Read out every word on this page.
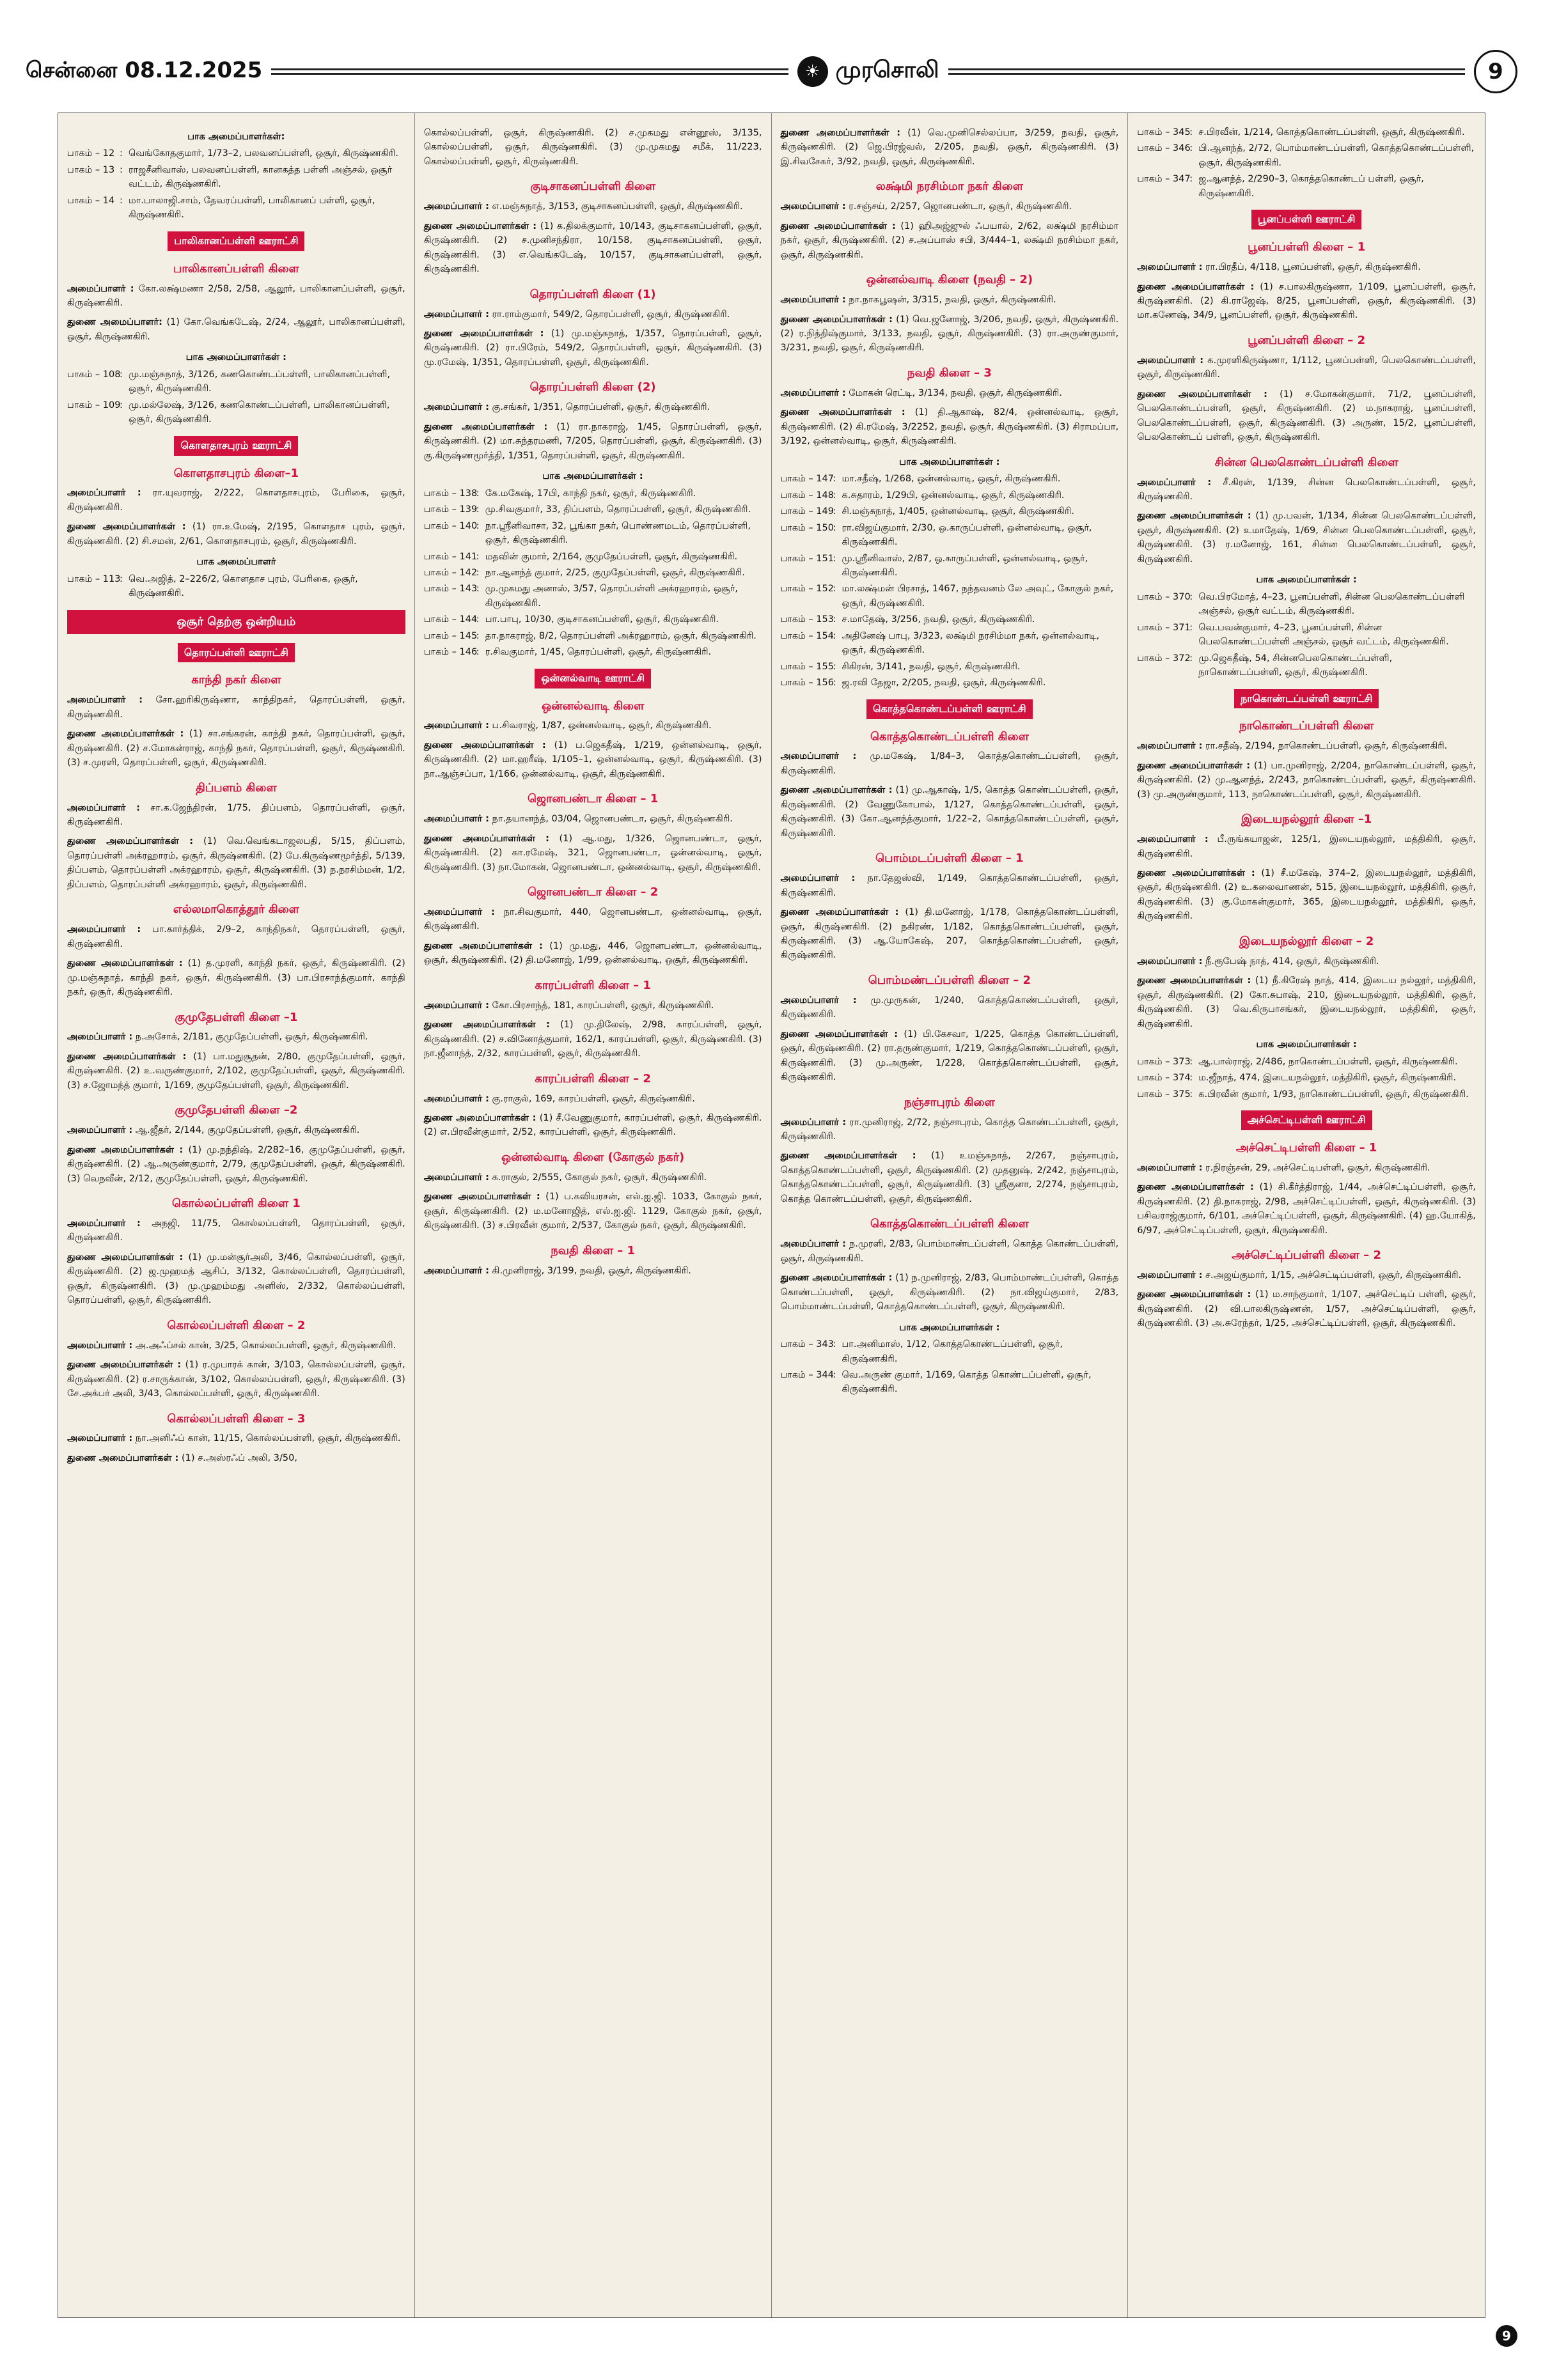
சென்னை 08.12.2025	☀ முரசொலி	9
பாக அமைப்பாளர்கள்:
பாகம் – 12 : வெங்கோதகுமார், 1/73–2, பலவனப்பள்ளி, ஒசூர், கிருஷ்ணகிரி.
பாகம் – 13 : ராஜசீனிவாஸ், பலவனப்பள்ளி, கானகத்த பள்ளி அஞ்சல், ஒசூர் வட்டம், கிருஷ்ணகிரி.
பாகம் – 14 : மா.பாலாஜி.சாம், தேவரப்பள்ளி, பாலிகானப் பள்ளி, ஒசூர், கிருஷ்ணகிரி.
பாலிகானப்பள்ளி ஊராட்சி
பாலிகானப்பள்ளி கிளை
அமைப்பாளர் : கோ.லக்ஷ்மணா 2/58, 2/58, ஆலூர், பாலிகானப்பள்ளி, ஒசூர், கிருஷ்ணகிரி.
துணை அமைப்பாளர்: (1) கோ.வெங்கடேஷ், 2/24, ஆலூர், பாலிகானப்பள்ளி, ஒசூர், கிருஷ்ணகிரி.
பாக அமைப்பாளர்கள் :
பாகம் – 108
: மு.மஞ்சுநாத், 3/126, கணகொண்டப்பள்ளி, பாலிகானப்பள்ளி, ஒசூர், கிருஷ்ணகிரி.
பாகம் – 109
: மு.மல்லேஷ், 3/126, கணகொண்டப்பள்ளி, பாலிகானப்பள்ளி, ஒசூர், கிருஷ்ணகிரி.
கொளதாசபுரம் ஊராட்சி
கொளதாசபுரம் கிளை–1
அமைப்பாளர் : ரா.யுவராஜ், 2/222, கொளதாசபுரம், பேரிகை, ஒசூர், கிருஷ்ணகிரி.
துணை அமைப்பாளர்கள் : (1) ரா.உமேஷ், 2/195, கொளதாச புரம், ஒசூர், கிருஷ்ணகிரி. (2) சி.சமன், 2/61, கொளதாசபுரம், ஒசூர், கிருஷ்ணகிரி.
பாக அமைப்பாளர்
பாகம் – 113
: வெ.அஜித், 2–226/2, கொளதாச புரம், பேரிகை, ஒசூர், கிருஷ்ணகிரி.
ஒசூர் தெற்கு ஒன்றியம்
தொரப்பள்ளி ஊராட்சி
காந்தி நகர் கிளை
அமைப்பாளர் : சோ.ஹரிகிருஷ்ணா, காந்திநகர், தொரப்பள்ளி, ஒசூர், கிருஷ்ணகிரி.
துணை அமைப்பாளர்கள் : (1) சா.சங்கரன், காந்தி நகர், தொரப்பள்ளி, ஒசூர், கிருஷ்ணகிரி. (2) ச.மோகன்ராஜ், காந்தி நகர், தொரப்பள்ளி, ஒசூர், கிருஷ்ணகிரி. (3) ச.முரளி, தொரப்பள்ளி, ஒசூர், கிருஷ்ணகிரி.
திப்பளம் கிளை
அமைப்பாளர் : சா.க.ஜேந்திரன், 1/75, திப்பளம், தொரப்பள்ளி, ஒசூர், கிருஷ்ணகிரி.
துணை அமைப்பாளர்கள் : (1) வெ.வெங்கடாஜலபதி, 5/15, திப்பளம், தொரப்பள்ளி அக்ரஹாரம், ஒசூர், கிருஷ்ணகிரி. (2) பே.கிருஷ்ணமூர்த்தி, 5/139, திப்பளம், தொரப்பள்ளி அக்ரஹாரம், ஒசூர், கிருஷ்ணகிரி. (3) ந.நரசிம்மன், 1/2, திப்பளம், தொரப்பள்ளி அக்ரஹாரம், ஒசூர், கிருஷ்ணகிரி.
எல்லமாகொத்தூர் கிளை
அமைப்பாளர் : பா.கார்த்திக், 2/9–2, காந்திநகர், தொரப்பள்ளி, ஒசூர், கிருஷ்ணகிரி.
துணை அமைப்பாளர்கள் : (1) த.முரளி, காந்தி நகர், ஒசூர், கிருஷ்ணகிரி. (2) மு.மஞ்சுநாத், காந்தி நகர், ஒசூர், கிருஷ்ணகிரி. (3) பா.பிரசாந்த்குமார், காந்தி நகர், ஒசூர், கிருஷ்ணகிரி.
குமுதேபள்ளி கிளை –1
அமைப்பாளர் : ந.அசோக், 2/181, குமுதேப்பள்ளி, ஒசூர், கிருஷ்ணகிரி.
துணை அமைப்பாளர்கள் : (1) பா.மதுசூதன், 2/80, குமுதேப்பள்ளி, ஒசூர், கிருஷ்ணகிரி. (2) உ.வருண்குமார், 2/102, குமுதேப்பள்ளி, ஒசூர், கிருஷ்ணகிரி. (3) ச.ஜோமந்த் குமார், 1/169, குமுதேப்பள்ளி, ஒசூர், கிருஷ்ணகிரி.
குமுதேபள்ளி கிளை –2
அமைப்பாளர் : ஆ.ஜீதர், 2/144, குமுதேப்பள்ளி, ஒசூர், கிருஷ்ணகிரி.
துணை அமைப்பாளர்கள் : (1) மு.நந்திஷ், 2/282–16, குமுதேப்பள்ளி, ஒசூர், கிருஷ்ணகிரி. (2) ஆ.அருண்குமார், 2/79, குமுதேப்பள்ளி, ஒசூர், கிருஷ்ணகிரி. (3) வெநவீன், 2/12, குமுதேப்பள்ளி, ஒசூர், கிருஷ்ணகிரி.
கொல்லப்பள்ளி கிளை 1
அமைப்பாளர் : அநஜி, 11/75, கொல்லப்பள்ளி, தொரப்பள்ளி, ஒசூர், கிருஷ்ணகிரி.
துணை அமைப்பாளர்கள் : (1) மு.மன்சூர்அலி, 3/46, கொல்லப்பள்ளி, ஒசூர், கிருஷ்ணகிரி. (2) ஜ.முஹமத் ஆசிப், 3/132, கொல்லப்பள்ளி, தொரப்பள்ளி, ஒசூர், கிருஷ்ணகிரி. (3) மு.முஹம்மது அனிஸ், 2/332, கொல்லப்பள்ளி, தொரப்பள்ளி, ஒசூர், கிருஷ்ணகிரி.
கொல்லப்பள்ளி கிளை – 2
அமைப்பாளர் : அ.அஃப்சல் கான், 3/25, கொல்லப்பள்ளி, ஒசூர், கிருஷ்ணகிரி.
துணை அமைப்பாளர்கள் : (1) ர.முபாரக் கான், 3/103, கொல்லப்பள்ளி, ஒசூர், கிருஷ்ணகிரி. (2) ர.சாருக்கான், 3/102, கொல்லப்பள்ளி, ஒசூர், கிருஷ்ணகிரி. (3) சே.அக்பர் அலி, 3/43, கொல்லப்பள்ளி, ஒசூர், கிருஷ்ணகிரி.
கொல்லப்பள்ளி கிளை – 3
அமைப்பாளர் : நா.அனிஃப் கான், 11/15, கொல்லப்பள்ளி, ஒசூர், கிருஷ்ணகிரி.
துணை அமைப்பாளர்கள் : (1) ச.அஸ்ரஃப் அலி, 3/50,
கொல்லப்பள்ளி, ஒசூர், கிருஷ்ணகிரி. (2) ச.முகமது என்னூஸ், 3/135, கொல்லப்பள்ளி, ஒசூர், கிருஷ்ணகிரி. (3) மு.முகமது சமீக், 11/223, கொல்லப்பள்ளி, ஒசூர், கிருஷ்ணகிரி.
குடிசாகனப்பள்ளி கிளை
அமைப்பாளர் : எ.மஞ்சுநாத், 3/153, குடிசாகனப்பள்ளி, ஒசூர், கிருஷ்ணகிரி.
துணை அமைப்பாளர்கள் : (1) க.திலக்குமார், 10/143, குடிசாகனப்பள்ளி, ஒசூர், கிருஷ்ணகிரி. (2) ச.முனிசந்திரா, 10/158, குடிசாகனப்பள்ளி, ஒசூர், கிருஷ்ணகிரி. (3) எ.வெங்கடேஷ், 10/157, குடிசாகனப்பள்ளி, ஒசூர், கிருஷ்ணகிரி.
தொரப்பள்ளி கிளை (1)
அமைப்பாளர் : ரா.ராம்குமார், 549/2, தொரப்பள்ளி, ஒசூர், கிருஷ்ணகிரி.
துணை அமைப்பாளர்கள் : (1) மு.மஞ்சுநாத், 1/357, தொரப்பள்ளி, ஒசூர், கிருஷ்ணகிரி. (2) ரா.பிரேம், 549/2, தொரப்பள்ளி, ஒசூர், கிருஷ்ணகிரி. (3) மு.ரமேஷ், 1/351, தொரப்பள்ளி, ஒசூர், கிருஷ்ணகிரி.
தொரப்பள்ளி கிளை (2)
அமைப்பாளர் : கு.சங்கர், 1/351, தொரப்பள்ளி, ஒசூர், கிருஷ்ணகிரி.
துணை அமைப்பாளர்கள் : (1) ரா.நாகராஜ், 1/45, தொரப்பள்ளி, ஒசூர், கிருஷ்ணகிரி. (2) மா.சுந்தரமணி, 7/205, தொரப்பள்ளி, ஒசூர், கிருஷ்ணகிரி. (3) கு.கிருஷ்ணமூர்த்தி, 1/351, தொரப்பள்ளி, ஒசூர், கிருஷ்ணகிரி.
பாக அமைப்பாளர்கள் :
பாகம் – 138
: கே.மகேஷ், 17பி, காந்தி நகர், ஒசூர், கிருஷ்ணகிரி.
பாகம் – 139
: மு.சிவகுமார், 33, திப்பளம், தொரப்பள்ளி, ஒசூர், கிருஷ்ணகிரி.
பாகம் – 140
: நா.ஸ்ரீனிவாசா, 32, பூங்கா நகர், பொண்ணமடம், தொரப்பள்ளி, ஒசூர், கிருஷ்ணகிரி.
பாகம் – 141
: மதவின் குமார், 2/164, குமுதேப்பள்ளி, ஒசூர், கிருஷ்ணகிரி.
பாகம் – 142
: நா.ஆனந்த் குமார், 2/25, குமுதேப்பள்ளி, ஒசூர், கிருஷ்ணகிரி.
பாகம் – 143
: மு.முகமது அனாஸ், 3/57, தொரப்பள்ளி அக்ரஹாரம், ஒசூர், கிருஷ்ணகிரி.
பாகம் – 144
: பா.பாபு, 10/30, குடிசாகனப்பள்ளி, ஒசூர், கிருஷ்ணகிரி.
பாகம் – 145
: தா.நாகராஜ், 8/2, தொரப்பள்ளி அக்ரஹாரம், ஒசூர், கிருஷ்ணகிரி.
பாகம் – 146
: ர.சிவகுமார், 1/45, தொரப்பள்ளி, ஒசூர், கிருஷ்ணகிரி.
ஒன்னல்வாடி ஊராட்சி
ஒன்னல்வாடி கிளை
அமைப்பாளர் : ப.சிவராஜ், 1/87, ஒன்னல்வாடி, ஒசூர், கிருஷ்ணகிரி.
துணை அமைப்பாளர்கள் : (1) ப.ஜெகதீஷ், 1/219, ஒன்னல்வாடி, ஒசூர், கிருஷ்ணகிரி. (2) மா.ஹரீஷ், 1/105–1, ஒன்னல்வாடி, ஒசூர், கிருஷ்ணகிரி. (3) நா.ஆஞ்சப்பா, 1/166, ஒன்னல்வாடி, ஒசூர், கிருஷ்ணகிரி.
ஜொனபண்டா கிளை – 1
அமைப்பாளர் : நா.தயானந்த், 03/04, ஜொனபண்டா, ஒசூர், கிருஷ்ணகிரி.
துணை அமைப்பாளர்கள் : (1) ஆ.மது, 1/326, ஜொனபண்டா, ஒசூர், கிருஷ்ணகிரி. (2) கா.ரமேஷ், 321, ஜொனபண்டா, ஒன்னல்வாடி, ஒசூர், கிருஷ்ணகிரி. (3) நா.மோகன், ஜொனபண்டா, ஒன்னல்வாடி, ஒசூர், கிருஷ்ணகிரி.
ஜொனபண்டா கிளை – 2
அமைப்பாளர் : நா.சிவகுமார், 440, ஜொனபண்டா, ஒன்னல்வாடி, ஒசூர், கிருஷ்ணகிரி.
துணை அமைப்பாளர்கள் : (1) மு.மது, 446, ஜொனபண்டா, ஒன்னல்வாடி, ஒசூர், கிருஷ்ணகிரி. (2) தி.மனோஜ், 1/99, ஒன்னல்வாடி, ஒசூர், கிருஷ்ணகிரி.
காரப்பள்ளி கிளை – 1
அமைப்பாளர் : கோ.பிரசாந்த், 181, காரப்பள்ளி, ஒசூர், கிருஷ்ணகிரி.
துணை அமைப்பாளர்கள் : (1) மு.திலேஷ், 2/98, காரப்பள்ளி, ஒசூர், கிருஷ்ணகிரி. (2) ச.வினோத்குமார், 162/1, காரப்பள்ளி, ஒசூர், கிருஷ்ணகிரி. (3) நா.ஜீனாந்த், 2/32, காரப்பள்ளி, ஒசூர், கிருஷ்ணகிரி.
காரப்பள்ளி கிளை – 2
அமைப்பாளர் : கு.ராகுல், 169, காரப்பள்ளி, ஒசூர், கிருஷ்ணகிரி.
துணை அமைப்பாளர்கள் : (1) சீ.வேணுகுமார், காரப்பள்ளி, ஒசூர், கிருஷ்ணகிரி. (2) எ.பிரவீன்குமார், 2/52, காரப்பள்ளி, ஒசூர், கிருஷ்ணகிரி.
ஒன்னல்வாடி கிளை (கோகுல் நகர்)
அமைப்பாளர் : க.ராகுல், 2/555, கோகுல் நகர், ஒசூர், கிருஷ்ணகிரி.
துணை அமைப்பாளர்கள் : (1) ப.கவியரசன், எல்.ஐ.ஜி. 1033, கோகுல் நகர், ஒசூர், கிருஷ்ணகிரி. (2) ம.மனோஜித், எல்.ஐ.ஜி. 1129, கோகுல் நகர், ஒசூர், கிருஷ்ணகிரி. (3) ச.பிரவீன் குமார், 2/537, கோகுல் நகர், ஒசூர், கிருஷ்ணகிரி.
நவதி கிளை – 1
அமைப்பாளர் : கி.முனிராஜ், 3/199, நவதி, ஒசூர், கிருஷ்ணகிரி.
துணை அமைப்பாளர்கள் : (1) வெ.முனிசெல்லப்பா, 3/259, நவதி, ஒசூர், கிருஷ்ணகிரி. (2) ஜெ.பிரஜ்வல், 2/205, நவதி, ஒசூர், கிருஷ்ணகிரி. (3) இ.சிவசேகர், 3/92, நவதி, ஒசூர், கிருஷ்ணகிரி.
லக்ஷ்மி நரசிம்மா நகர் கிளை
அமைப்பாளர் : ர.சஞ்சய், 2/257, ஜொனபண்டா, ஒசூர், கிருஷ்ணகிரி.
துணை அமைப்பாளர்கள் : (1) ஹிஅஜ்ஜுல் ஃபயால், 2/62, லக்ஷ்மி நரசிம்மா நகர், ஒசூர், கிருஷ்ணகிரி. (2) ச.அப்பாஸ் சபி, 3/444–1, லக்ஷ்மி நரசிம்மா நகர், ஒசூர், கிருஷ்ணகிரி.
ஒன்னல்வாடி கிளை (நவதி – 2)
அமைப்பாளர் : நா.நாகபூஷன், 3/315, நவதி, ஒசூர், கிருஷ்ணகிரி.
துணை அமைப்பாளர்கள் : (1) வெ.ஜனோஜ், 3/206, நவதி, ஒசூர், கிருஷ்ணகிரி. (2) ர.நித்திஷ்குமார், 3/133, நவதி, ஒசூர், கிருஷ்ணகிரி. (3) ரா.அருண்குமார், 3/231, நவதி, ஒசூர், கிருஷ்ணகிரி.
நவதி கிளை – 3
அமைப்பாளர் : மோகன் ரெட்டி, 3/134, நவதி, ஒசூர், கிருஷ்ணகிரி.
துணை அமைப்பாளர்கள் : (1) தி.ஆகாஷ், 82/4, ஒன்னல்வாடி, ஒசூர், கிருஷ்ணகிரி. (2) கி.ரமேஷ், 3/2252, நவதி, ஒசூர், கிருஷ்ணகிரி. (3) சிராமப்பா, 3/192, ஒன்னல்வாடி, ஒசூர், கிருஷ்ணகிரி.
பாக அமைப்பாளர்கள் :
பாகம் – 147
: மா.சதீஷ், 1/268, ஒன்னல்வாடி, ஒசூர், கிருஷ்ணகிரி.
பாகம் – 148
: க.சுதாரம், 1/29பி, ஒன்னல்வாடி, ஒசூர், கிருஷ்ணகிரி.
பாகம் – 149
: சி.மஞ்சுநாத், 1/405, ஒன்னல்வாடி, ஒசூர், கிருஷ்ணகிரி.
பாகம் – 150
: ரா.விஜய்குமார், 2/30, ஒ.காருப்பள்ளி, ஒன்னல்வாடி, ஒசூர், கிருஷ்ணகிரி.
பாகம் – 151
: மு.ஸ்ரீனிவாஸ், 2/87, ஒ.காருப்பள்ளி, ஒன்னல்வாடி, ஒசூர், கிருஷ்ணகிரி.
பாகம் – 152
: மா.லக்ஷ்மன் பிரசாத், 1467, நந்தவனம் லே அவுட், கோகுல் நகர், ஒசூர், கிருஷ்ணகிரி.
பாகம் – 153
: ச.மாதேஷ், 3/256, நவதி, ஒசூர், கிருஷ்ணகிரி.
பாகம் – 154
: அதினேஷ் பாபு, 3/323, லக்ஷ்மி நரசிம்மா நகர், ஒன்னல்வாடி, ஒசூர், கிருஷ்ணகிரி.
பாகம் – 155
: சிகிரன், 3/141, நவதி, ஒசூர், கிருஷ்ணகிரி.
பாகம் – 156
: ஜ.ரவி தேஜா, 2/205, நவதி, ஒசூர், கிருஷ்ணகிரி.
கொத்தகொண்டப்பள்ளி ஊராட்சி
கொத்தகொண்டப்பள்ளி கிளை
அமைப்பாளர் : மு.மகேஷ், 1/84–3, கொத்தகொண்டப்பள்ளி, ஒசூர், கிருஷ்ணகிரி.
துணை அமைப்பாளர்கள் : (1) மு.ஆகாஷ், 1/5, கொத்த கொண்டப்பள்ளி, ஒசூர், கிருஷ்ணகிரி. (2) வேணுகோபால், 1/127, கொத்தகொண்டப்பள்ளி, ஒசூர், கிருஷ்ணகிரி. (3) கோ.ஆனந்த்குமார், 1/22–2, கொத்தகொண்டப்பள்ளி, ஒசூர், கிருஷ்ணகிரி.
பொம்மடப்பள்ளி கிளை – 1
அமைப்பாளர் : நா.தேஜஸ்வி, 1/149, கொத்தகொண்டப்பள்ளி, ஒசூர், கிருஷ்ணகிரி.
துணை அமைப்பாளர்கள் : (1) தி.மனோஜ், 1/178, கொத்தகொண்டப்பள்ளி, ஒசூர், கிருஷ்ணகிரி. (2) நகிரண், 1/182, கொத்தகொண்டப்பள்ளி, ஒசூர், கிருஷ்ணகிரி. (3) ஆ.யோகேஷ், 207, கொத்தகொண்டப்பள்ளி, ஒசூர், கிருஷ்ணகிரி.
பொம்மண்டப்பள்ளி கிளை – 2
அமைப்பாளர் : மு.முருகன், 1/240, கொத்தகொண்டப்பள்ளி, ஒசூர், கிருஷ்ணகிரி.
துணை அமைப்பாளர்கள் : (1) பி.கேசவா, 1/225, கொத்த கொண்டப்பள்ளி, ஒசூர், கிருஷ்ணகிரி. (2) ரா.தருண்குமார், 1/219, கொத்தகொண்டப்பள்ளி, ஒசூர், கிருஷ்ணகிரி. (3) மு.அருண், 1/228, கொத்தகொண்டப்பள்ளி, ஒசூர், கிருஷ்ணகிரி.
நஞ்சாபுரம் கிளை
அமைப்பாளர் : ரா.முனிராஜ், 2/72, நஞ்சாபுரம், கொத்த கொண்டப்பள்ளி, ஒசூர், கிருஷ்ணகிரி.
துணை அமைப்பாளர்கள் : (1) உமஞ்சுநாத், 2/267, நஞ்சாபுரம், கொத்தகொண்டப்பள்ளி, ஒசூர், கிருஷ்ணகிரி. (2) முதனுஷ், 2/242, நஞ்சாபுரம், கொத்தகொண்டப்பள்ளி, ஒசூர், கிருஷ்ணகிரி. (3) ஸ்ரீகுனா, 2/274, நஞ்சாபுரம், கொத்த கொண்டப்பள்ளி, ஒசூர், கிருஷ்ணகிரி.
கொத்தகொண்டப்பள்ளி கிளை
அமைப்பாளர் : ந.முரளி, 2/83, பொம்மாண்டப்பள்ளி, கொத்த கொண்டப்பள்ளி, ஒசூர், கிருஷ்ணகிரி.
துணை அமைப்பாளர்கள் : (1) ந.முனிராஜ், 2/83, பொம்மாண்டப்பள்ளி, கொத்த கொண்டப்பள்ளி, ஒசூர், கிருஷ்ணகிரி. (2) நா.விஜய்குமார், 2/83, பொம்மாண்டப்பள்ளி, கொத்தகொண்டப்பள்ளி, ஒசூர், கிருஷ்ணகிரி.
பாக அமைப்பாளர்கள் :
பாகம் – 343
: பா.அனிமாஸ், 1/12, கொத்தகொண்டப்பள்ளி, ஒசூர், கிருஷ்ணகிரி.
பாகம் – 344
: வெ.அருண் குமார், 1/169, கொத்த கொண்டப்பள்ளி, ஒசூர், கிருஷ்ணகிரி.
பாகம் – 345
: ச.பிரவீன், 1/214, கொத்தகொண்டப்பள்ளி, ஒசூர், கிருஷ்ணகிரி.
பாகம் – 346
: பி.ஆனந்த், 2/72, பொம்மாண்டப்பள்ளி, கொத்தகொண்டப்பள்ளி, ஒசூர், கிருஷ்ணகிரி.
பாகம் – 347
: ஜ.ஆனந்த், 2/290–3, கொத்தகொண்டப் பள்ளி, ஒசூர், கிருஷ்ணகிரி.
பூனப்பள்ளி ஊராட்சி
பூனப்பள்ளி கிளை – 1
அமைப்பாளர் : ரா.பிரதீப், 4/118, பூனப்பள்ளி, ஒசூர், கிருஷ்ணகிரி.
துணை அமைப்பாளர்கள் : (1) ச.பாலகிருஷ்ணா, 1/109, பூனப்பள்ளி, ஒசூர், கிருஷ்ணகிரி. (2) கி.ராஜேஷ், 8/25, பூனப்பள்ளி, ஒசூர், கிருஷ்ணகிரி. (3) மா.கணேஷ், 34/9, பூனப்பள்ளி, ஒசூர், கிருஷ்ணகிரி.
பூனப்பள்ளி கிளை – 2
அமைப்பாளர் : க.முரளிகிருஷ்ணா, 1/112, பூனப்பள்ளி, பெலகொண்டப்பள்ளி, ஒசூர், கிருஷ்ணகிரி.
துணை அமைப்பாளர்கள் : (1) ச.மோகன்குமார், 71/2, பூனப்பள்ளி, பெலகொண்டப்பள்ளி, ஒசூர், கிருஷ்ணகிரி. (2) ம.நாகராஜ், பூனப்பள்ளி, பெலகொண்டப்பள்ளி, ஒசூர், கிருஷ்ணகிரி. (3) அருண், 15/2, பூனப்பள்ளி, பெலகொண்டப் பள்ளி, ஒசூர், கிருஷ்ணகிரி.
சின்ன பெலகொண்டப்பள்ளி கிளை
அமைப்பாளர் : சீ.கிரன், 1/139, சின்ன பெலகொண்டப்பள்ளி, ஒசூர், கிருஷ்ணகிரி.
துணை அமைப்பாளர்கள் : (1) மு.பவன், 1/134, சின்ன பெலகொண்டப்பள்ளி, ஒசூர், கிருஷ்ணகிரி. (2) உமாதேஷ், 1/69, சின்ன பெலகொண்டப்பள்ளி, ஒசூர், கிருஷ்ணகிரி. (3) ர.மனோஜ், 161, சின்ன பெலகொண்டப்பள்ளி, ஒசூர், கிருஷ்ணகிரி.
பாக அமைப்பாளர்கள் :
பாகம் – 370
: வெ.பிரமோத், 4–23, பூனப்பள்ளி, சின்ன பெலகொண்டப்பள்ளி அஞ்சல், ஒசூர் வட்டம், கிருஷ்ணகிரி.
பாகம் – 371
: வெ.பவன்குமார், 4–23, பூனப்பள்ளி, சின்ன பெலகொண்டப்பள்ளி அஞ்சல், ஒசூர் வட்டம், கிருஷ்ணகிரி.
பாகம் – 372
: மு.ஜெகதீஷ், 54, சின்னபெலகொண்டப்பள்ளி, நாகொண்டப்பள்ளி, ஒசூர், கிருஷ்ணகிரி.
நாகொண்டப்பள்ளி ஊராட்சி
நாகொண்டப்பள்ளி கிளை
அமைப்பாளர் : ரா.சதீஷ், 2/194, நாகொண்டப்பள்ளி, ஒசூர், கிருஷ்ணகிரி.
துணை அமைப்பாளர்கள் : (1) பா.முனிராஜ், 2/204, நாகொண்டப்பள்ளி, ஒசூர், கிருஷ்ணகிரி. (2) மு.ஆனந்த், 2/243, நாகொண்டப்பள்ளி, ஒசூர், கிருஷ்ணகிரி. (3) மு.அருண்குமார், 113, நாகொண்டப்பள்ளி, ஒசூர், கிருஷ்ணகிரி.
இடையநல்லூர் கிளை –1
அமைப்பாளர் : பீ.ருங்கயாஜன், 125/1, இடையநல்லூர், மத்திகிரி, ஒசூர், கிருஷ்ணகிரி.
துணை அமைப்பாளர்கள் : (1) சீ.மகேஷ், 374–2, இடையநல்லூர், மத்திகிரி, ஒசூர், கிருஷ்ணகிரி. (2) உ.கலைவாணன், 515, இடையநல்லூர், மத்திகிரி, ஒசூர், கிருஷ்ணகிரி. (3) கு.மோகன்குமார், 365, இடையநல்லூர், மத்திகிரி, ஒசூர், கிருஷ்ணகிரி.
இடையநல்லூர் கிளை – 2
அமைப்பாளர் : நீ.ரூபேஷ் நாத், 414, ஒசூர், கிருஷ்ணகிரி.
துணை அமைப்பாளர்கள் : (1) நீ.கிரேஷ் நாத், 414, இடைய நல்லூர், மத்திகிரி, ஒசூர், கிருஷ்ணகிரி. (2) கோ.சுபாஷ், 210, இடையநல்லூர், மத்திகிரி, ஒசூர், கிருஷ்ணகிரி. (3) வெ.கிருபாசங்கர், இடையநல்லூர், மத்திகிரி, ஒசூர், கிருஷ்ணகிரி.
பாக அமைப்பாளர்கள் :
பாகம் – 373
: ஆ.பால்ராஜ், 2/486, நாகொண்டப்பள்ளி, ஒசூர், கிருஷ்ணகிரி.
பாகம் – 374
: ம.ஜீநாத், 474, இடையநல்லூர், மத்திகிரி, ஒசூர், கிருஷ்ணகிரி.
பாகம் – 375
: க.பிரவீன் குமார், 1/93, நாகொண்டப்பள்ளி, ஒசூர், கிருஷ்ணகிரி.
அச்செட்டிபள்ளி ஊராட்சி
அச்செட்டிபள்ளி கிளை – 1
அமைப்பாளர் : ர.நிரஞ்சன், 29, அச்செட்டிபள்ளி, ஒசூர், கிருஷ்ணகிரி.
துணை அமைப்பாளர்கள் : (1) சி.கீர்த்திராஜ், 1/44, அச்செட்டிப்பள்ளி, ஒசூர், கிருஷ்ணகிரி. (2) தி.நாகராஜ், 2/98, அச்செட்டிப்பள்ளி, ஒசூர், கிருஷ்ணகிரி. (3) பசிவராஜ்குமார், 6/101, அச்செட்டிப்பள்ளி, ஒசூர், கிருஷ்ணகிரி. (4) ஹ.யோகித், 6/97, அச்செட்டிப்பள்ளி, ஒசூர், கிருஷ்ணகிரி.
அச்செட்டிப்பள்ளி கிளை – 2
அமைப்பாளர் : ச.அஜய்குமார், 1/15, அச்செட்டிப்பள்ளி, ஒசூர், கிருஷ்ணகிரி.
துணை அமைப்பாளர்கள் : (1) ம.சாந்குமார், 1/107, அச்செட்டிப் பள்ளி, ஒசூர், கிருஷ்ணகிரி. (2) வி.பாலகிருஷ்ணன், 1/57, அச்செட்டிப்பள்ளி, ஒசூர், கிருஷ்ணகிரி. (3) அ.சுரேந்தர், 1/25, அச்செட்டிப்பள்ளி, ஒசூர், கிருஷ்ணகிரி.
9
